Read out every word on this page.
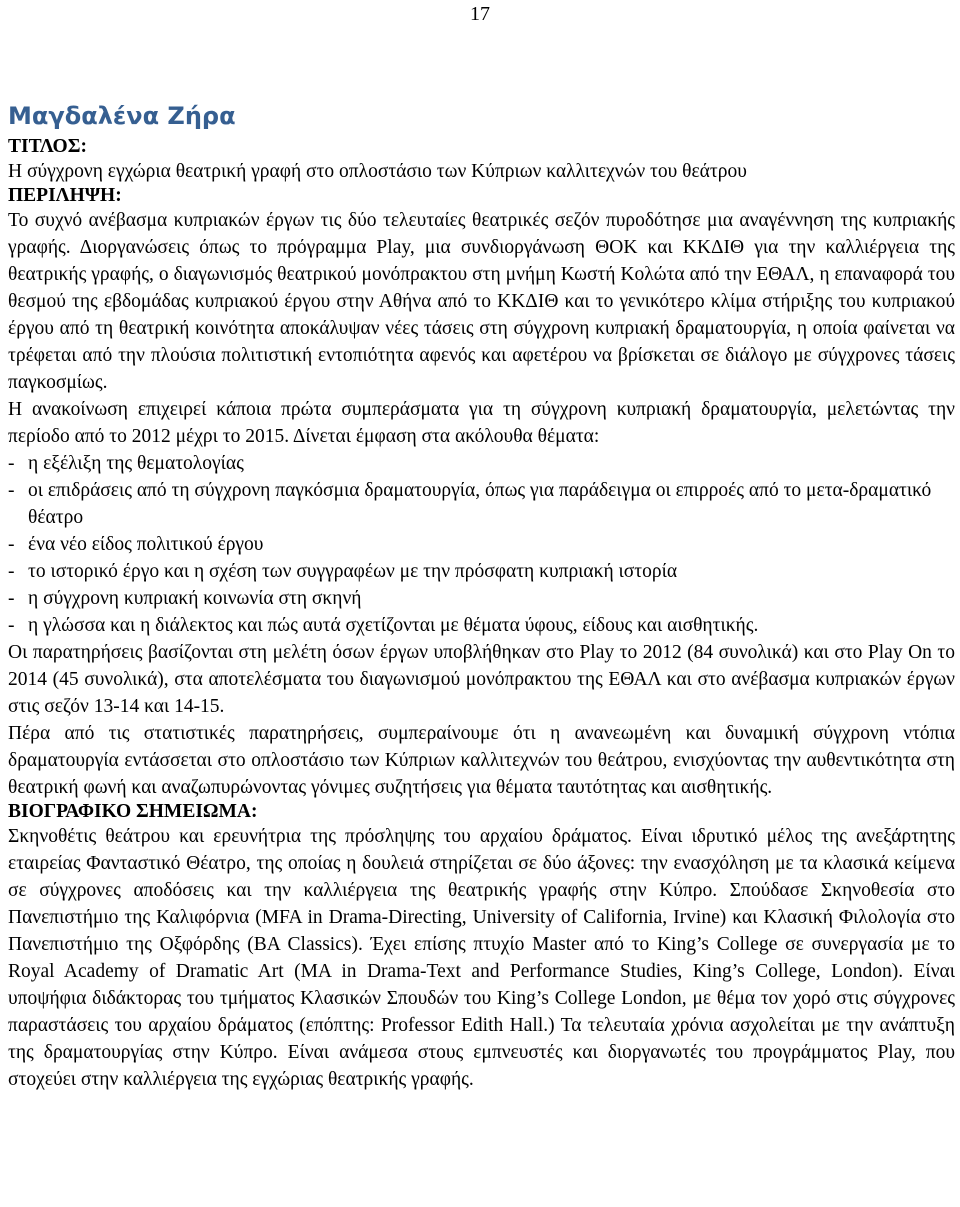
17
Μαγδαλένα Ζήρα
ΤΙΤΛΟΣ:

Η σύγχρονη εγχώρια θεατρική γραφή στο οπλοστάσιο των Κύπριων καλλιτεχνών του θεάτρου

ΠΕΡΙΛΗΨΗ:

Το συχνό ανέβασμα κυπριακών έργων τις δύο τελευταίες θεατρικές σεζόν πυροδότησε μια αναγέννηση της κυπριακής γραφής. Διοργανώσεις όπως το πρόγραμμα Play, μια συνδιοργάνωση ΘΟΚ και ΚΚΔΙΘ για την καλλιέργεια της θεατρικής γραφής, ο διαγωνισμός θεατρικού μονόπρακτου στη μνήμη Κωστή Κολώτα από την ΕΘΑΛ, η επαναφορά του θεσμού της εβδομάδας κυπριακού έργου στην Αθήνα από το ΚΚΔΙΘ και το γενικότερο κλίμα στήριξης του κυπριακού έργου από τη θεατρική κοινότητα αποκάλυψαν νέες τάσεις στη σύγχρονη κυπριακή δραματουργία, η οποία φαίνεται να τρέφεται από την πλούσια πολιτιστική εντοπιότητα αφενός και αφετέρου να βρίσκεται σε διάλογο με σύγχρονες τάσεις παγκοσμίως.

Η ανακοίνωση επιχειρεί κάποια πρώτα συμπεράσματα για τη σύγχρονη κυπριακή δραματουργία, μελετώντας την περίοδο από το 2012 μέχρι το 2015. Δίνεται έμφαση στα ακόλουθα θέματα:

- η εξέλιξη της θεματολογίας
- οι επιδράσεις από τη σύγχρονη παγκόσμια δραματουργία, όπως για παράδειγμα οι επιρροές από το μετα-δραματικό θέατρο
- ένα νέο είδος πολιτικού έργου
- το ιστορικό έργο και η σχέση των συγγραφέων με την πρόσφατη κυπριακή ιστορία
- η σύγχρονη κυπριακή κοινωνία στη σκηνή
- η γλώσσα και η διάλεκτος και πώς αυτά σχετίζονται με θέματα ύφους, είδους και αισθητικής.

Οι παρατηρήσεις βασίζονται στη μελέτη όσων έργων υποβλήθηκαν στο Play το 2012 (84 συνολικά) και στο Play On το 2014 (45 συνολικά), στα αποτελέσματα του διαγωνισμού μονόπρακτου της ΕΘΑΛ και στο ανέβασμα κυπριακών έργων στις σεζόν 13-14 και 14-15.

Πέρα από τις στατιστικές παρατηρήσεις, συμπεραίνουμε ότι η ανανεωμένη και δυναμική σύγχρονη ντόπια δραματουργία εντάσσεται στο οπλοστάσιο των Κύπριων καλλιτεχνών του θεάτρου, ενισχύοντας την αυθεντικότητα στη θεατρική φωνή και αναζωπυρώνοντας γόνιμες συζητήσεις για θέματα ταυτότητας και αισθητικής.

ΒΙΟΓΡΑΦΙΚΟ ΣΗΜΕΙΩΜΑ:

Σκηνοθέτις θεάτρου και ερευνήτρια της πρόσληψης του αρχαίου δράματος. Είναι ιδρυτικό μέλος της ανεξάρτητης εταιρείας Φανταστικό Θέατρο, της οποίας η δουλειά στηρίζεται σε δύο άξονες: την ενασχόληση με τα κλασικά κείμενα σε σύγχρονες αποδόσεις και την καλλιέργεια της θεατρικής γραφής στην Κύπρο. Σπούδασε Σκηνοθεσία στο Πανεπιστήμιο της Καλιφόρνια (MFA in Drama-Directing, University of California, Irvine) και Κλασική Φιλολογία στο Πανεπιστήμιο της Οξφόρδης (BA Classics). Έχει επίσης πτυχίο Master από το King’s College σε συνεργασία με το Royal Academy of Dramatic Art (MA in Drama-Text and Performance Studies, King’s College, London). Είναι υποψήφια διδάκτορας του τμήματος Κλασικών Σπουδών του King’s College London, με θέμα τον χορό στις σύγχρονες παραστάσεις του αρχαίου δράματος (επόπτης: Professor Edith Hall.) Τα τελευταία χρόνια ασχολείται με την ανάπτυξη της δραματουργίας στην Κύπρο. Είναι ανάμεσα στους εμπνευστές και διοργανωτές του προγράμματος Play, που στοχεύει στην καλλιέργεια της εγχώριας θεατρικής γραφής.
